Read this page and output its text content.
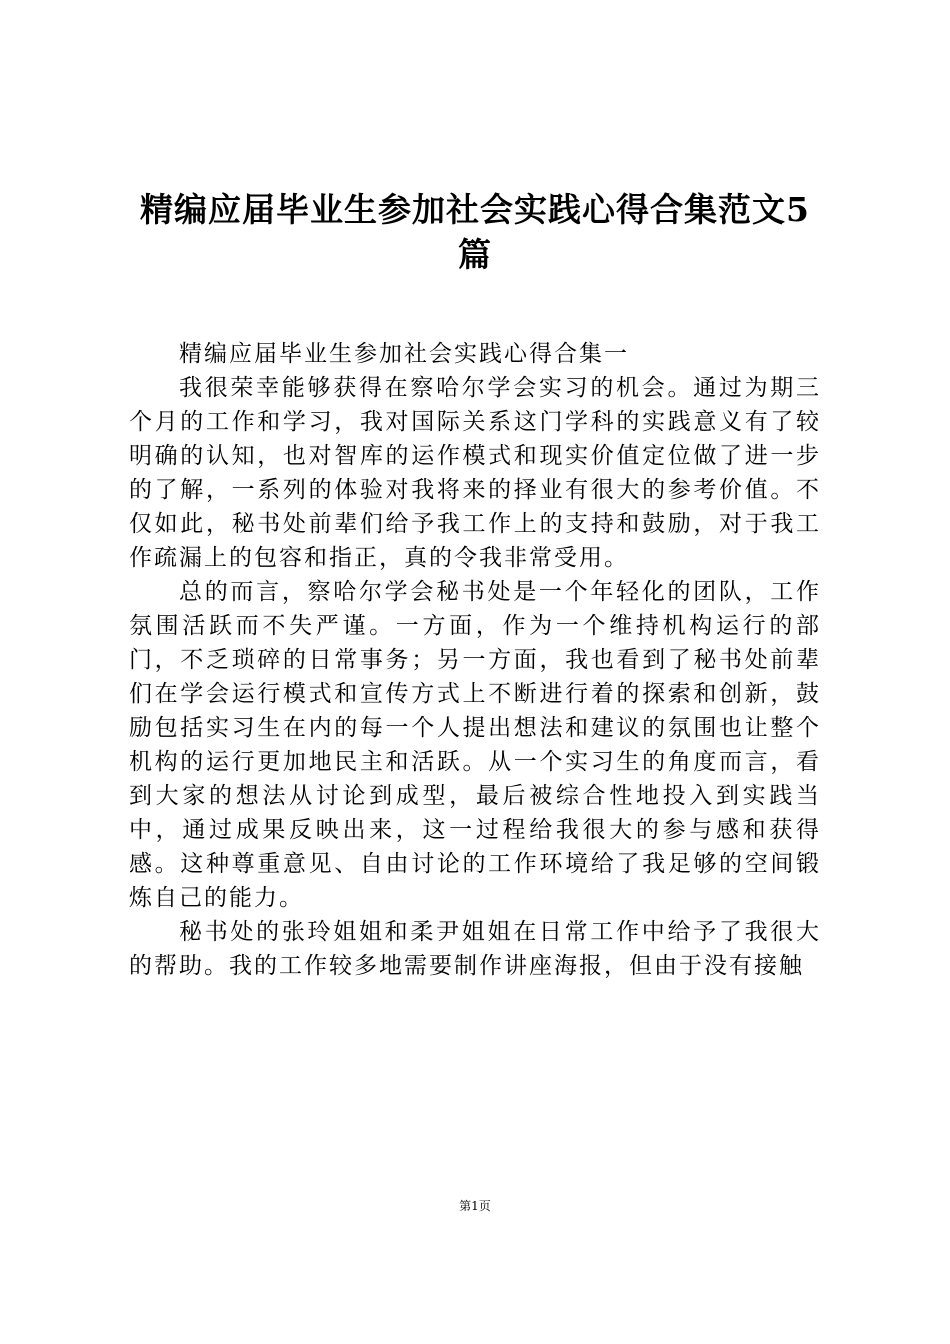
精编应届毕业生参加社会实践心得合集范文5
篇

精编应届毕业生参加社会实践心得合集一

我很荣幸能够获得在察哈尔学会实习的机会。通过为期三个月的工作和学习，我对国际关系这门学科的实践意义有了较明确的认知，也对智库的运作模式和现实价值定位做了进一步的了解，一系列的体验对我将来的择业有很大的参考价值。不仅如此，秘书处前辈们给予我工作上的支持和鼓励，对于我工作疏漏上的包容和指正，真的令我非常受用。

总的而言，察哈尔学会秘书处是一个年轻化的团队，工作氛围活跃而不失严谨。一方面，作为一个维持机构运行的部门，不乏琐碎的日常事务；另一方面，我也看到了秘书处前辈们在学会运行模式和宣传方式上不断进行着的探索和创新，鼓励包括实习生在内的每一个人提出想法和建议的氛围也让整个机构的运行更加地民主和活跃。从一个实习生的角度而言，看到大家的想法从讨论到成型，最后被综合性地投入到实践当中，通过成果反映出来，这一过程给我很大的参与感和获得感。这种尊重意见、自由讨论的工作环境给了我足够的空间锻炼自己的能力。

秘书处的张玲姐姐和柔尹姐姐在日常工作中给予了我很大的帮助。我的工作较多地需要制作讲座海报，但由于没有接触

第1页
